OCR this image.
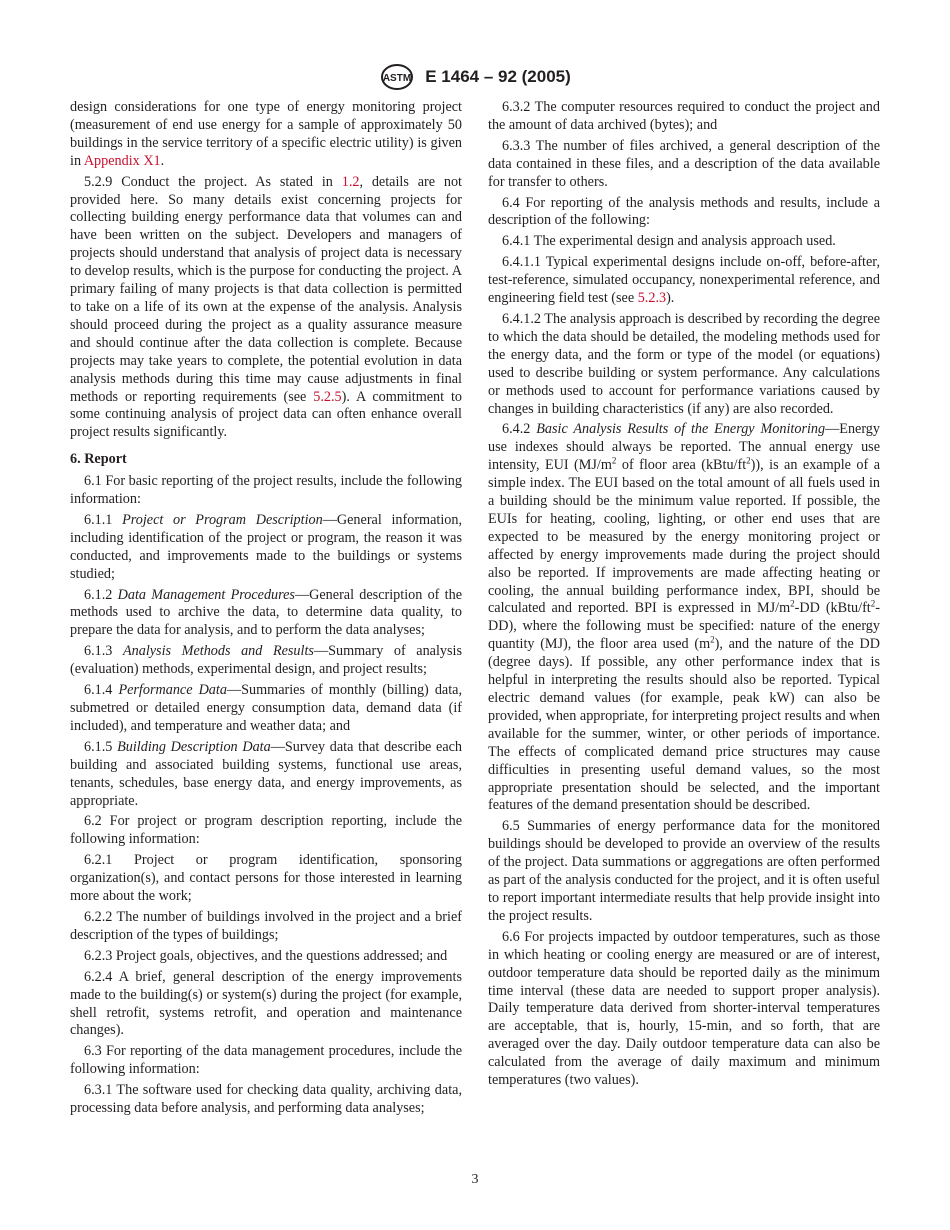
ASTM E 1464 – 92 (2005)

design considerations for one type of energy monitoring project (measurement of end use energy for a sample of approximately 50 buildings in the service territory of a specific electric utility) is given in Appendix X1.

5.2.9 Conduct the project. As stated in 1.2, details are not provided here. So many details exist concerning projects for collecting building energy performance data that volumes can and have been written on the subject. Developers and managers of projects should understand that analysis of project data is necessary to develop results, which is the purpose for conducting the project. A primary failing of many projects is that data collection is permitted to take on a life of its own at the expense of the analysis. Analysis should proceed during the project as a quality assurance measure and should continue after the data collection is complete. Because projects may take years to complete, the potential evolution in data analysis methods during this time may cause adjustments in final methods or reporting requirements (see 5.2.5). A commitment to some continuing analysis of project data can often enhance overall project results significantly.

6. Report

6.1 For basic reporting of the project results, include the following information:

6.1.1 Project or Program Description—General information, including identification of the project or program, the reason it was conducted, and improvements made to the buildings or systems studied;

6.1.2 Data Management Procedures—General description of the methods used to archive the data, to determine data quality, to prepare the data for analysis, and to perform the data analyses;

6.1.3 Analysis Methods and Results—Summary of analysis (evaluation) methods, experimental design, and project results;

6.1.4 Performance Data—Summaries of monthly (billing) data, submetred or detailed energy consumption data, demand data (if included), and temperature and weather data; and

6.1.5 Building Description Data—Survey data that describe each building and associated building systems, functional use areas, tenants, schedules, base energy data, and energy improvements, as appropriate.

6.2 For project or program description reporting, include the following information:

6.2.1 Project or program identification, sponsoring organization(s), and contact persons for those interested in learning more about the work;

6.2.2 The number of buildings involved in the project and a brief description of the types of buildings;

6.2.3 Project goals, objectives, and the questions addressed; and

6.2.4 A brief, general description of the energy improvements made to the building(s) or system(s) during the project (for example, shell retrofit, systems retrofit, and operation and maintenance changes).

6.3 For reporting of the data management procedures, include the following information:

6.3.1 The software used for checking data quality, archiving data, processing data before analysis, and performing data analyses;

6.3.2 The computer resources required to conduct the project and the amount of data archived (bytes); and

6.3.3 The number of files archived, a general description of the data contained in these files, and a description of the data available for transfer to others.

6.4 For reporting of the analysis methods and results, include a description of the following:

6.4.1 The experimental design and analysis approach used.

6.4.1.1 Typical experimental designs include on-off, before-after, test-reference, simulated occupancy, nonexperimental reference, and engineering field test (see 5.2.3).

6.4.1.2 The analysis approach is described by recording the degree to which the data should be detailed, the modeling methods used for the energy data, and the form or type of the model (or equations) used to describe building or system performance. Any calculations or methods used to account for performance variations caused by changes in building characteristics (if any) are also recorded.

6.4.2 Basic Analysis Results of the Energy Monitoring—Energy use indexes should always be reported. The annual energy use intensity, EUI ($MJ/m^2$ of floor area $(kBtu/ft^2)$), is an example of a simple index. The EUI based on the total amount of all fuels used in a building should be the minimum value reported. If possible, the EUIs for heating, cooling, lighting, or other end uses that are expected to be measured by the energy monitoring project or affected by energy improvements made during the project should also be reported. If improvements are made affecting heating or cooling, the annual building performance index, BPI, should be calculated and reported. BPI is expressed in $MJ/m^2-DD$ $(kBtu/ft^2-DD)$, where the following must be specified: nature of the energy quantity (MJ), the floor area used $(m^2)$, and the nature of the DD (degree days). If possible, any other performance index that is helpful in interpreting the results should also be reported. Typical electric demand values (for example, peak kW) can also be provided, when appropriate, for interpreting project results and when available for the summer, winter, or other periods of importance. The effects of complicated demand price structures may cause difficulties in presenting useful demand values, so the most appropriate presentation should be selected, and the important features of the demand presentation should be described.

6.5 Summaries of energy performance data for the monitored buildings should be developed to provide an overview of the results of the project. Data summations or aggregations are often performed as part of the analysis conducted for the project, and it is often useful to report important intermediate results that help provide insight into the project results.

6.6 For projects impacted by outdoor temperatures, such as those in which heating or cooling energy are measured or are of interest, outdoor temperature data should be reported daily as the minimum time interval (these data are needed to support proper analysis). Daily temperature data derived from shorter-interval temperatures are acceptable, that is, hourly, 15-min, and so forth, that are averaged over the day. Daily outdoor temperature data can also be calculated from the average of daily maximum and minimum temperatures (two values).

3
